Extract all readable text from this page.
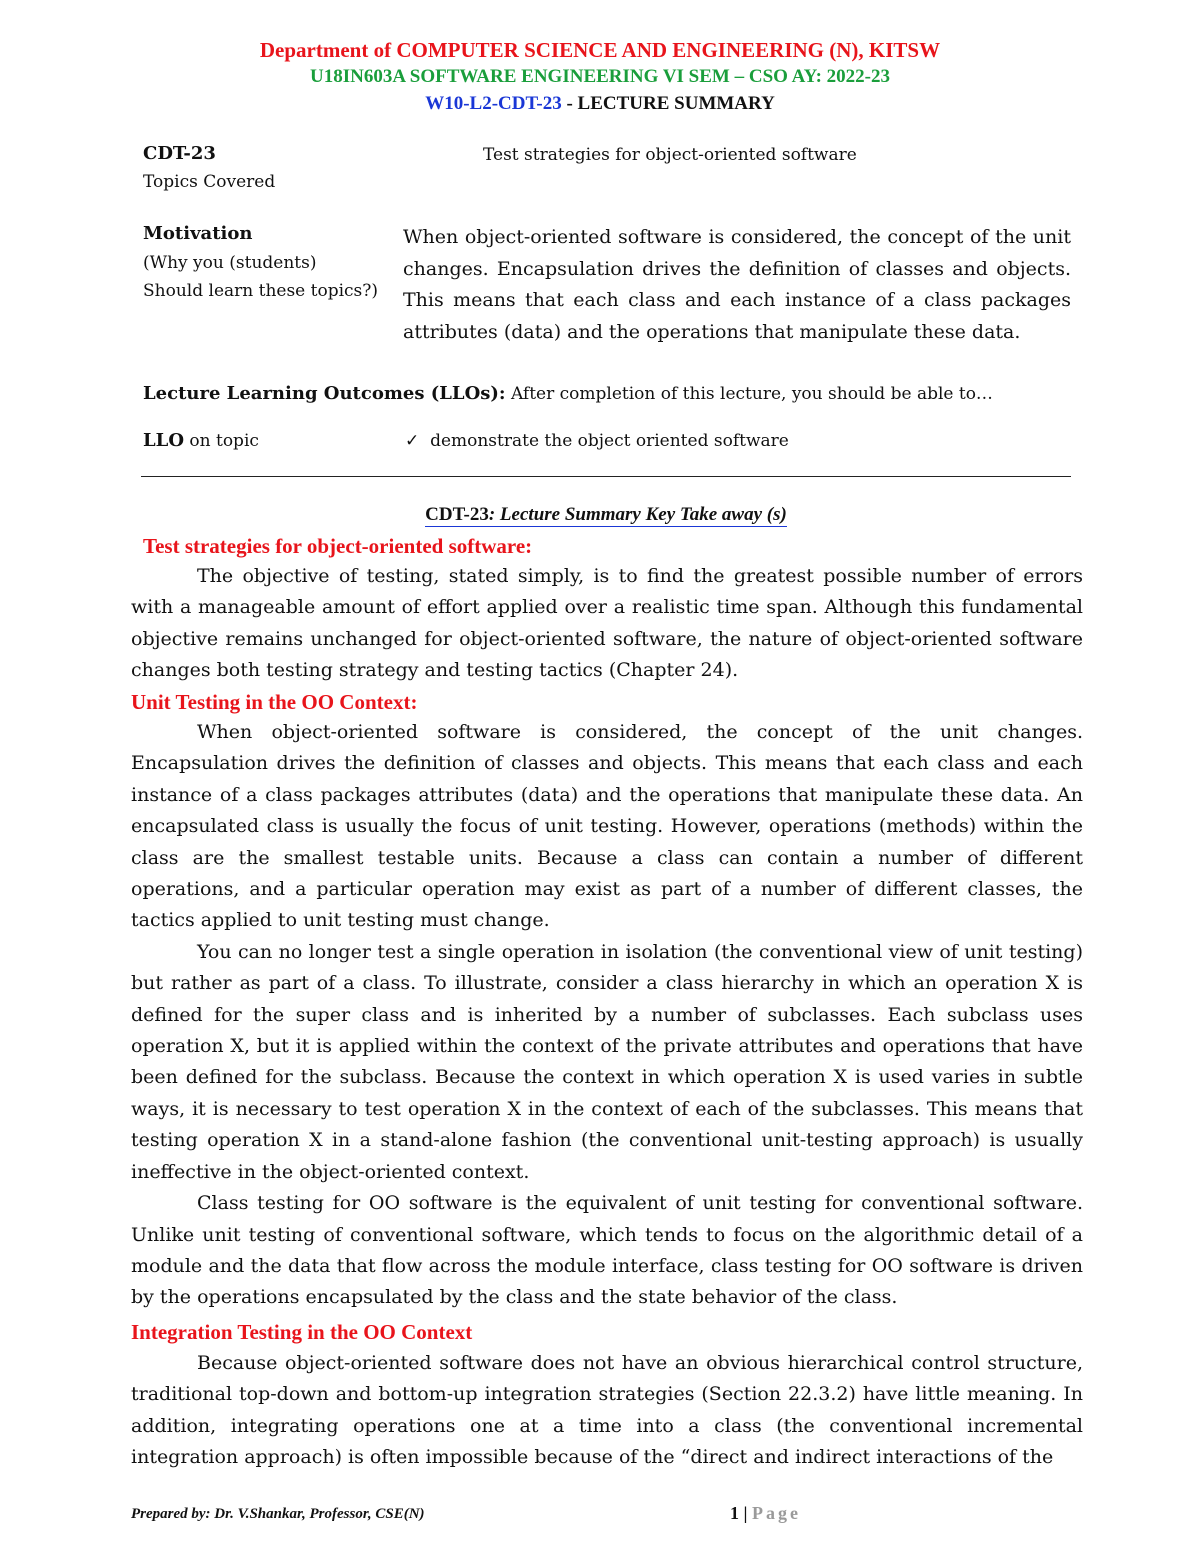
Department of COMPUTER SCIENCE AND ENGINEERING (N), KITSW
U18IN603A SOFTWARE ENGINEERING VI SEM – CSO AY: 2022-23
W10-L2-CDT-23 - LECTURE SUMMARY
CDT-23
Topics Covered
Test strategies for object-oriented software
Motivation
(Why you (students)
Should learn these topics?)
When object-oriented software is considered, the concept of the unit changes. Encapsulation drives the definition of classes and objects. This means that each class and each instance of a class packages attributes (data) and the operations that manipulate these data.
Lecture Learning Outcomes (LLOs): After completion of this lecture, you should be able to…
LLO on topic	✓ demonstrate the object oriented software
CDT-23: Lecture Summary Key Take away (s)
Test strategies for object-oriented software:

The objective of testing, stated simply, is to find the greatest possible number of errors with a manageable amount of effort applied over a realistic time span. Although this fundamental objective remains unchanged for object-oriented software, the nature of object-oriented software changes both testing strategy and testing tactics (Chapter 24).

Unit Testing in the OO Context:

When object-oriented software is considered, the concept of the unit changes. Encapsulation drives the definition of classes and objects. This means that each class and each instance of a class packages attributes (data) and the operations that manipulate these data. An encapsulated class is usually the focus of unit testing. However, operations (methods) within the class are the smallest testable units. Because a class can contain a number of different operations, and a particular operation may exist as part of a number of different classes, the tactics applied to unit testing must change.

You can no longer test a single operation in isolation (the conventional view of unit testing) but rather as part of a class. To illustrate, consider a class hierarchy in which an operation X is defined for the super class and is inherited by a number of subclasses. Each subclass uses operation X, but it is applied within the context of the private attributes and operations that have been defined for the subclass. Because the context in which operation X is used varies in subtle ways, it is necessary to test operation X in the context of each of the subclasses. This means that testing operation X in a stand-alone fashion (the conventional unit-testing approach) is usually ineffective in the object-oriented context.

Class testing for OO software is the equivalent of unit testing for conventional software. Unlike unit testing of conventional software, which tends to focus on the algorithmic detail of a module and the data that flow across the module interface, class testing for OO software is driven by the operations encapsulated by the class and the state behavior of the class.

Integration Testing in the OO Context

Because object-oriented software does not have an obvious hierarchical control structure, traditional top-down and bottom-up integration strategies (Section 22.3.2) have little meaning. In addition, integrating operations one at a time into a class (the conventional incremental integration approach) is often impossible because of the “direct and indirect interactions of the

Prepared by: Dr. V.Shankar, Professor, CSE(N)	1 | Page
